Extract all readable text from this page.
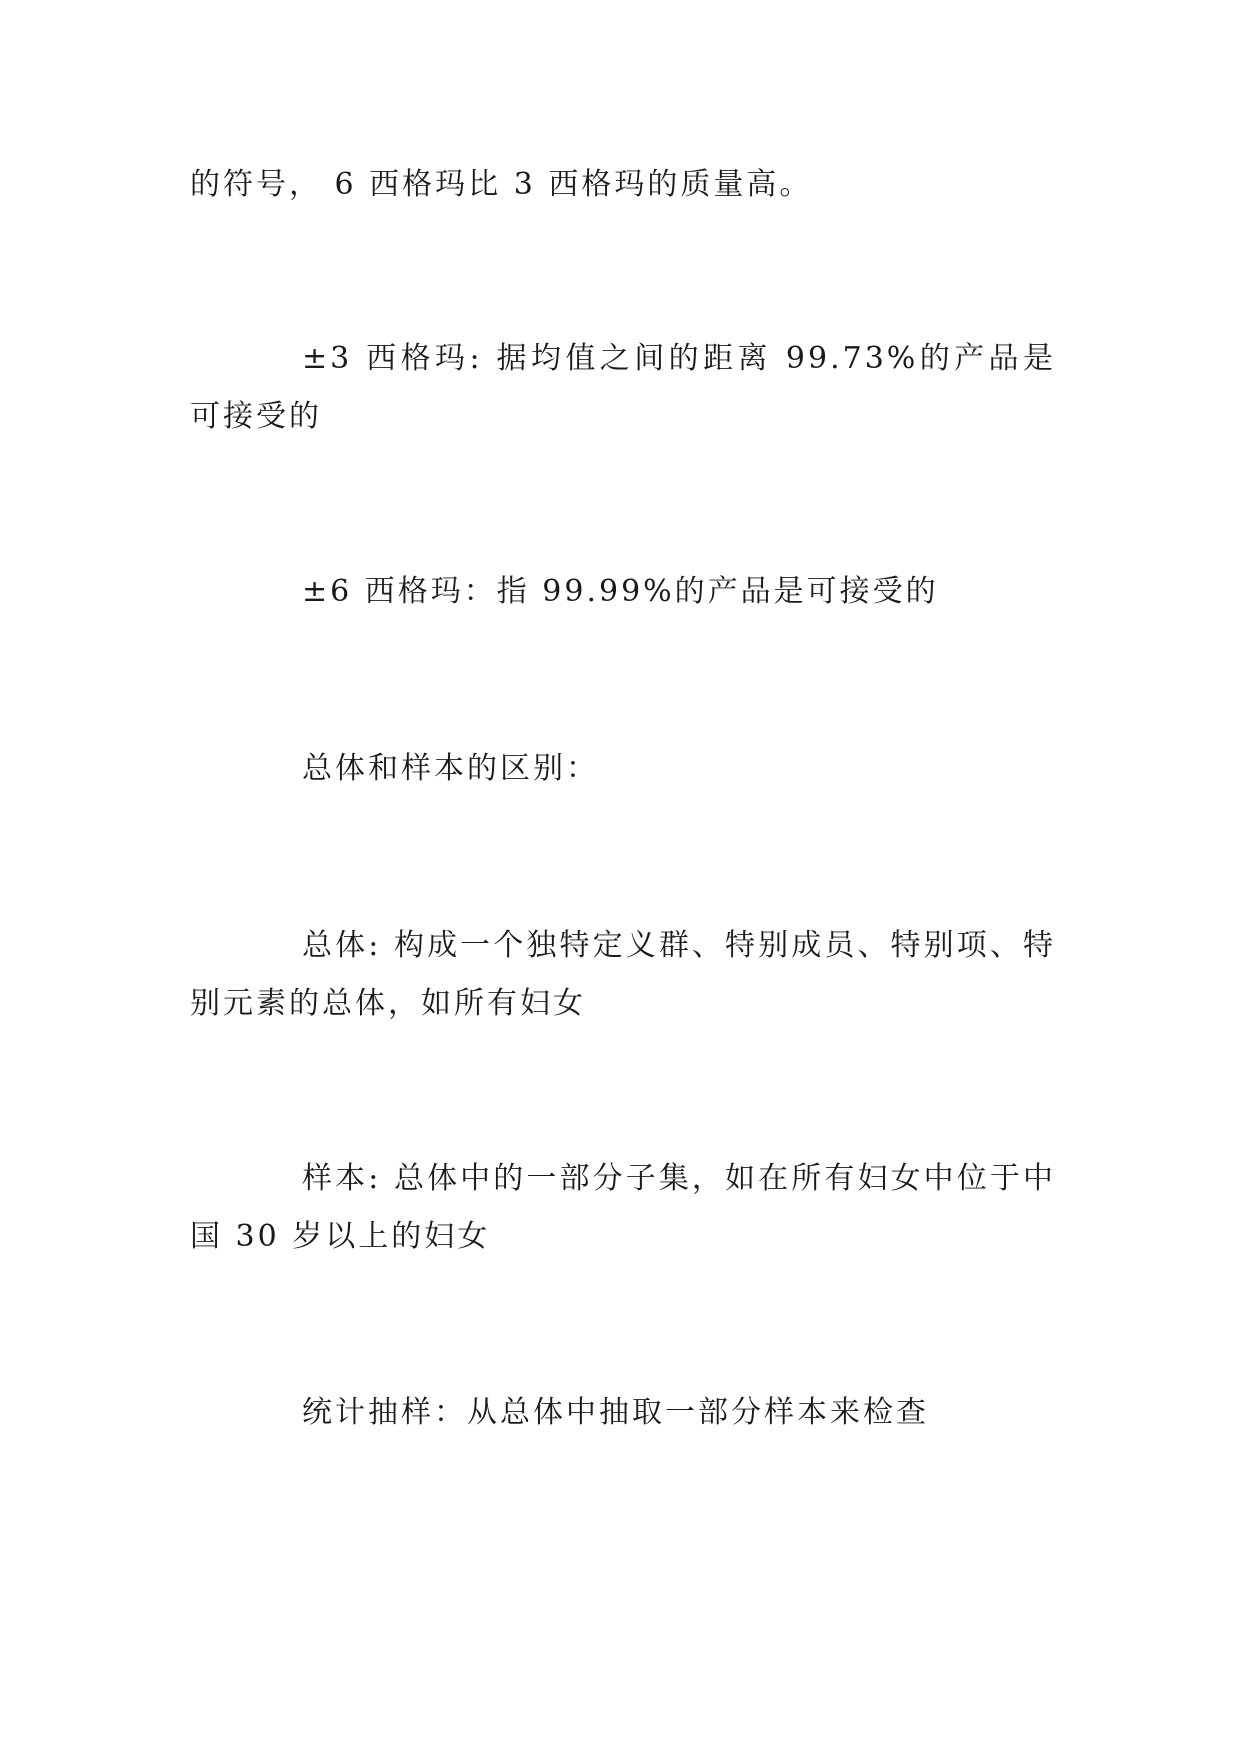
的符号， 6 西格玛比 3 西格玛的质量高。

±3 西格玛: 据均值之间的距离 99.73%的产品是可接受的

±6 西格玛：指 99.99%的产品是可接受的

总体和样本的区别：

总体: 构成一个独特定义群、特别成员、特别项、特别元素的总体，如所有妇女

样本: 总体中的一部分子集，如在所有妇女中位于中国 30 岁以上的妇女

统计抽样：从总体中抽取一部分样本来检查
